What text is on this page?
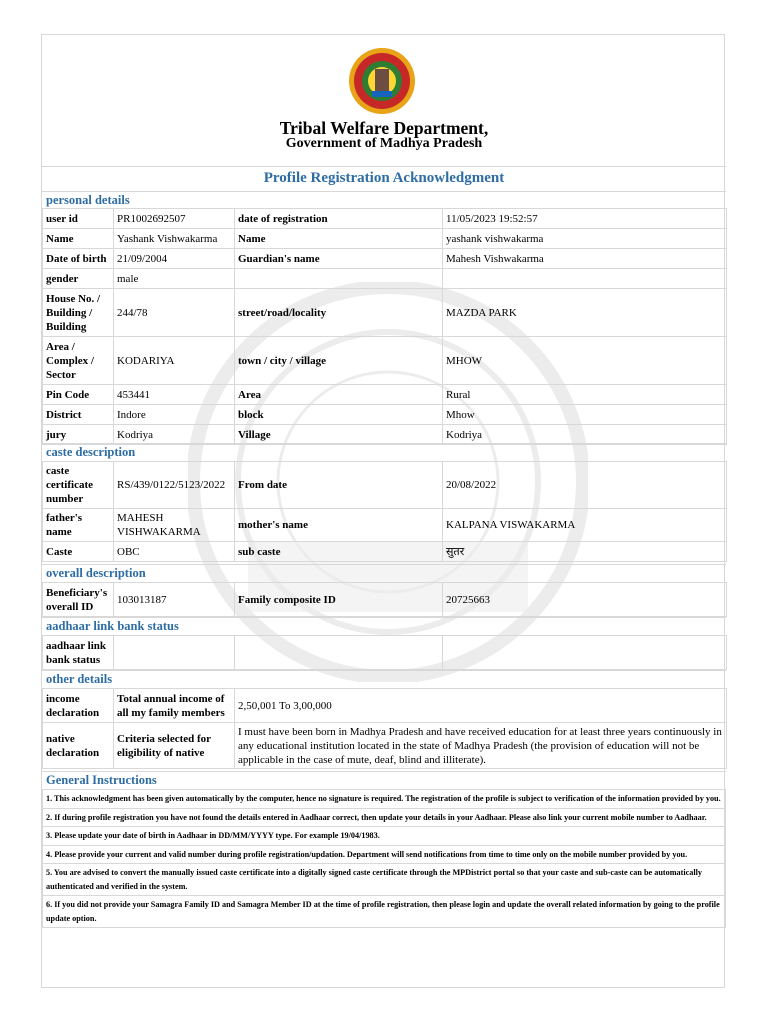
Tribal Welfare Department,
Government of Madhya Pradesh
Profile Registration Acknowledgment
personal details
user id	PR1002692507	date of registration	11/05/2023 19:52:57
Name	Yashank Vishwakarma	Name	yashank vishwakarma
Date of birth	21/09/2004	Guardian's name	Mahesh Vishwakarma
gender	male		
House No. / Building / Building	244/78	street/road/locality	MAZDA PARK
Area / Complex / Sector	KODARIYA	town / city / village	MHOW
Pin Code	453441	Area	Rural
District	Indore	block	Mhow
jury	Kodriya	Village	Kodriya
caste description
caste certificate number	RS/439/0122/5123/2022	From date	20/08/2022
father's name	MAHESH VISHWAKARMA	mother's name	KALPANA VISWAKARMA
Caste	OBC	sub caste	सुतर
overall description
Beneficiary's overall ID	103013187	Family composite ID	20725663
aadhaar link bank status
aadhaar link bank status			
other details
income declaration	Total annual income of all my family members	2,50,001 To 3,00,000
native declaration	Criteria selected for eligibility of native	I must have been born in Madhya Pradesh and have received education for at least three years continuously in any educational institution located in the state of Madhya Pradesh (the provision of education will not be applicable in the case of mute, deaf, blind and illiterate).
General Instructions
1. This acknowledgment has been given automatically by the computer, hence no signature is required. The registration of the profile is subject to verification of the information provided by you.
2. If during profile registration you have not found the details entered in Aadhaar correct, then update your details in your Aadhaar. Please also link your current mobile number to Aadhaar.
3. Please update your date of birth in Aadhaar in DD/MM/YYYY type. For example 19/04/1983.
4. Please provide your current and valid number during profile registration/updation. Department will send notifications from time to time only on the mobile number provided by you.
5. You are advised to convert the manually issued caste certificate into a digitally signed caste certificate through the MPDistrict portal so that your caste and sub-caste can be automatically authenticated and verified in the system.
6. If you did not provide your Samagra Family ID and Samagra Member ID at the time of profile registration, then please login and update the overall related information by going to the profile update option.
